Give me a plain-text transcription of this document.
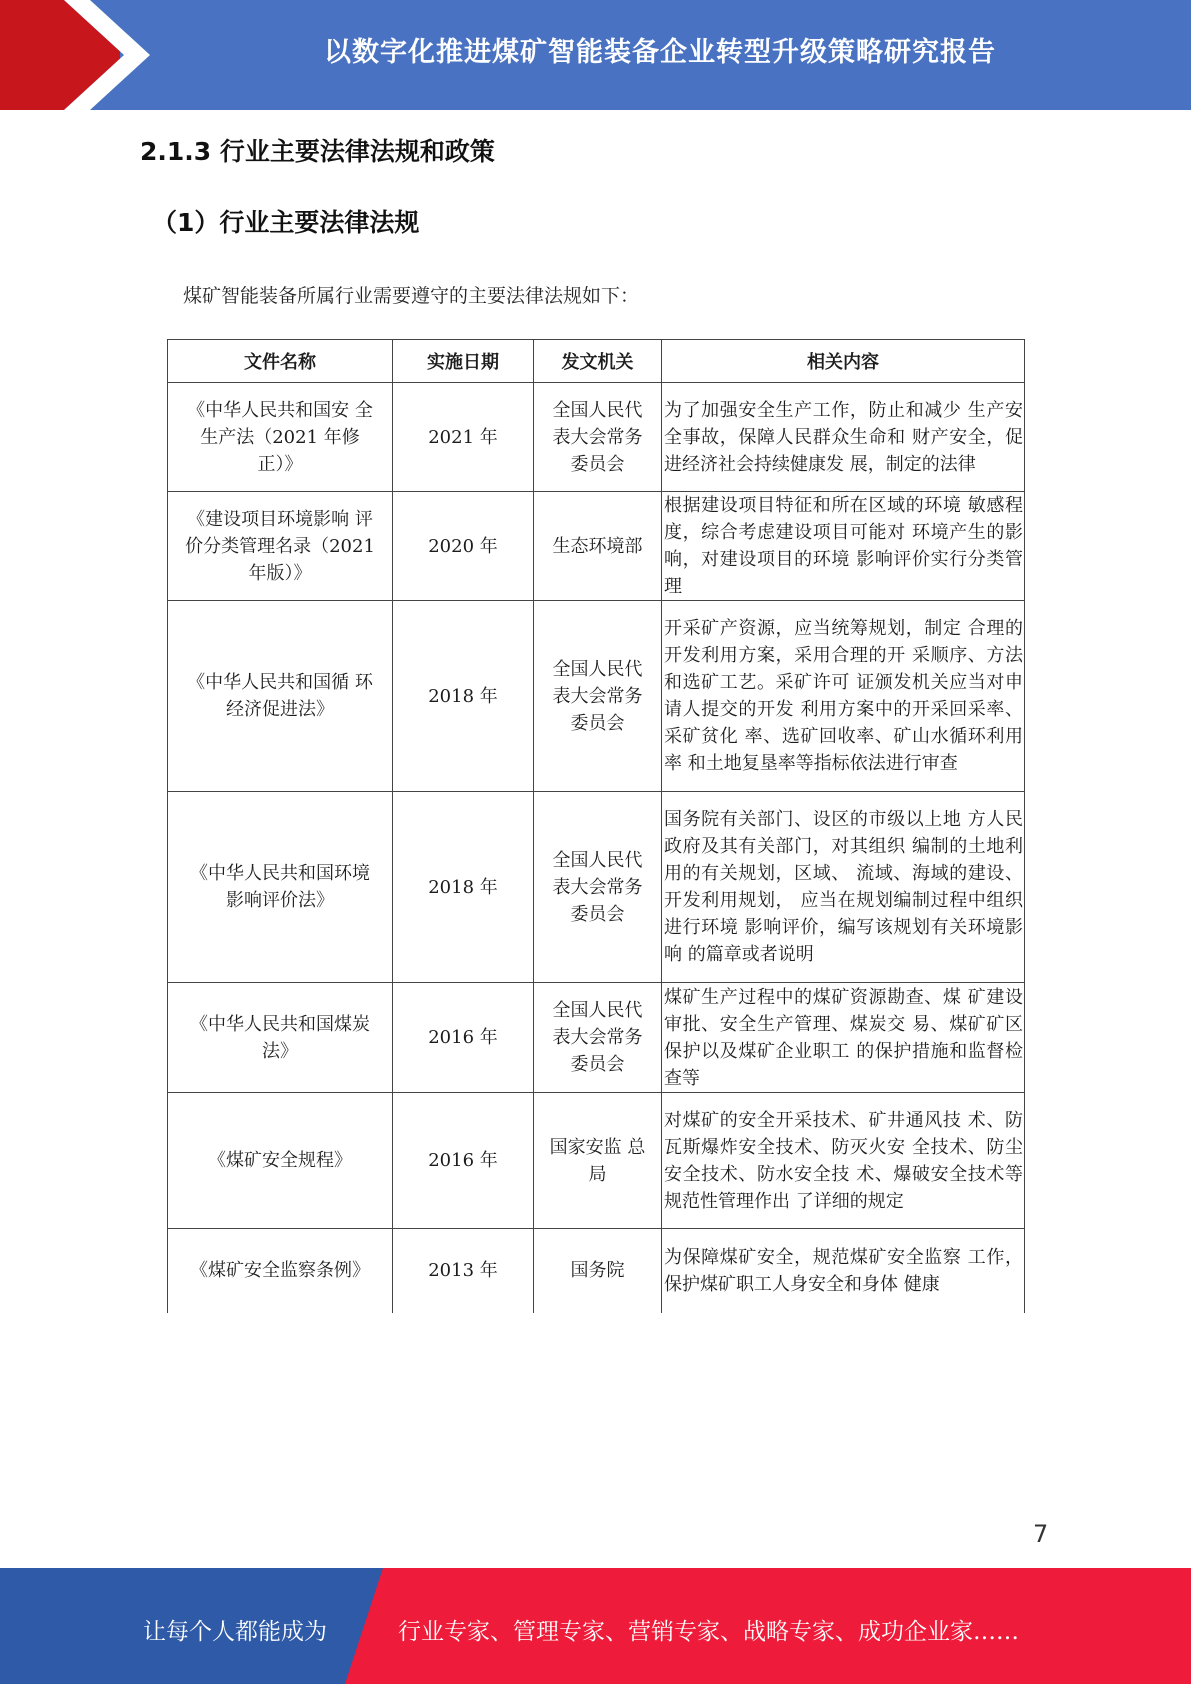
以数字化推进煤矿智能装备企业转型升级策略研究报告
2.1.3 行业主要法律法规和政策
（1）行业主要法律法规
煤矿智能装备所属行业需要遵守的主要法律法规如下：
文件名称	实施日期	发文机关	相关内容
《中华人民共和国安 全生产法（2021 年修正）》	2021 年	全国人民代表大会常务委员会	为了加强安全生产工作，防止和减少 生产安全事故，保障人民群众生命和 财产安全，促进经济社会持续健康发 展，制定的法律
《建设项目环境影响 评价分类管理名录（2021 年版）》	2020 年	生态环境部	根据建设项目特征和所在区域的环境 敏感程度，综合考虑建设项目可能对 环境产生的影响，对建设项目的环境 影响评价实行分类管理
《中华人民共和国循 环经济促进法》	2018 年	全国人民代表大会常务委员会	开采矿产资源，应当统筹规划，制定 合理的开发利用方案，采用合理的开 采顺序、方法和选矿工艺。采矿许可 证颁发机关应当对申请人提交的开发 利用方案中的开采回采率、采矿贫化 率、选矿回收率、矿山水循环利用率 和土地复垦率等指标依法进行审查
《中华人民共和国环境影响评价法》	2018 年	全国人民代表大会常务委员会	国务院有关部门、设区的市级以上地 方人民政府及其有关部门，对其组织 编制的土地利用的有关规划，区域、 流域、海域的建设、开发利用规划， 应当在规划编制过程中组织进行环境 影响评价，编写该规划有关环境影响 的篇章或者说明
《中华人民共和国煤炭法》	2016 年	全国人民代表大会常务委员会	煤矿生产过程中的煤矿资源勘查、煤 矿建设审批、安全生产管理、煤炭交 易、煤矿矿区保护以及煤矿企业职工 的保护措施和监督检查等
《煤矿安全规程》	2016 年	国家安监 总局	对煤矿的安全开采技术、矿井通风技 术、防瓦斯爆炸安全技术、防灭火安 全技术、防尘安全技术、防水安全技 术、爆破安全技术等规范性管理作出 了详细的规定
《煤矿安全监察条例》	2013 年	国务院	为保障煤矿安全，规范煤矿安全监察 工作，保护煤矿职工人身安全和身体 健康
7
让每个人都能成为	行业专家、管理专家、营销专家、战略专家、成功企业家……
